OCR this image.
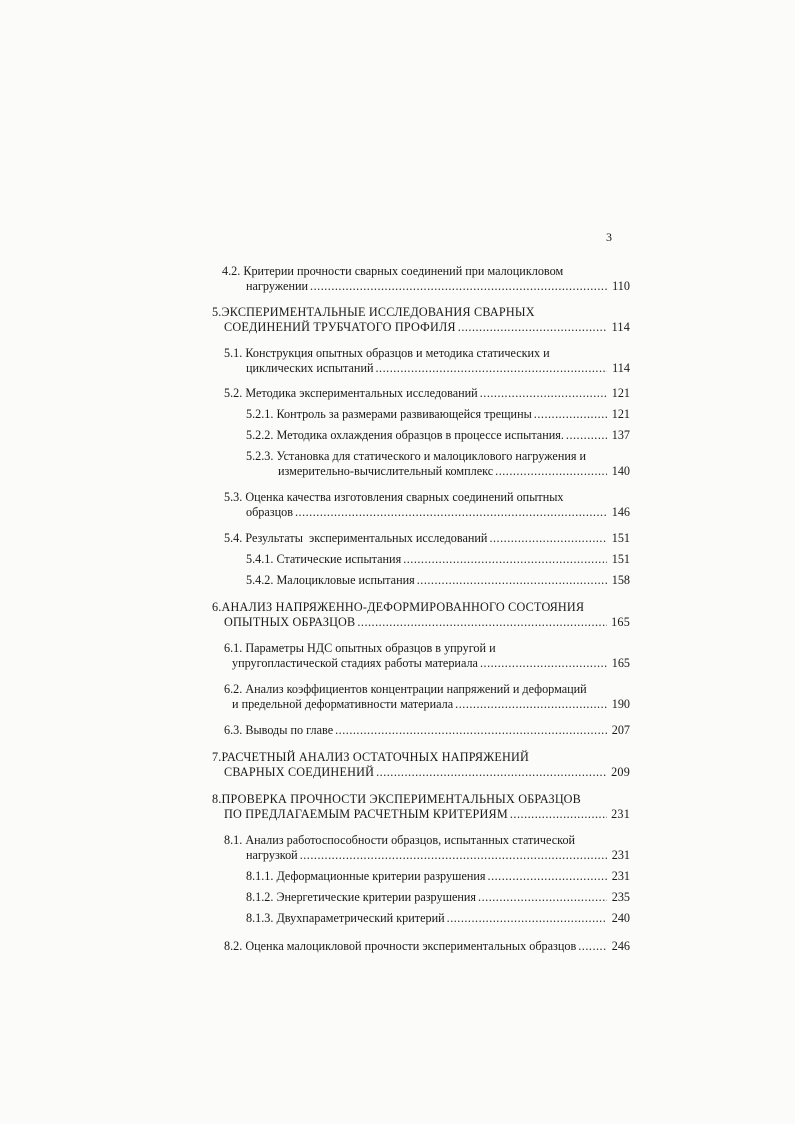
3
4.2. Критерии прочности сварных соединений при малоцикловом
нагружении .....	110
5.ЭКСПЕРИМЕНТАЛЬНЫЕ ИССЛЕДОВАНИЯ СВАРНЫХ
СОЕДИНЕНИЙ ТРУБЧАТОГО ПРОФИЛЯ .....	114
5.1. Конструкция опытных образцов и методика статических и
циклических испытаний .....	114
5.2. Методика экспериментальных исследований .....	121
5.2.1. Контроль за размерами развивающейся трещины .....	121
5.2.2. Методика охлаждения образцов в процессе испытания. .....	137
5.2.3. Установка для статического и малоциклового нагружения и
измерительно-вычислительный комплекс .....	140
5.3. Оценка качества изготовления сварных соединений опытных
образцов .....	146
5.4. Результаты  экспериментальных исследований .....	151
5.4.1. Статические испытания .....	151
5.4.2. Малоцикловые испытания .....	158
6.АНАЛИЗ НАПРЯЖЕННО-ДЕФОРМИРОВАННОГО СОСТОЯНИЯ
ОПЫТНЫХ ОБРАЗЦОВ .....	165
6.1. Параметры НДС опытных образцов в упругой и
упругопластической стадиях работы материала .....	165
6.2. Анализ коэффициентов концентрации напряжений и деформаций
и предельной деформативности материала .....	190
6.3. Выводы по главе .....	207
7.РАСЧЕТНЫЙ АНАЛИЗ ОСТАТОЧНЫХ НАПРЯЖЕНИЙ
СВАРНЫХ СОЕДИНЕНИЙ .....	209
8.ПРОВЕРКА ПРОЧНОСТИ ЭКСПЕРИМЕНТАЛЬНЫХ ОБРАЗЦОВ
ПО ПРЕДЛАГАЕМЫМ РАСЧЕТНЫМ КРИТЕРИЯМ .....	231
8.1. Анализ работоспособности образцов, испытанных статической
нагрузкой .....	231
8.1.1. Деформационные критерии разрушения .....	231
8.1.2. Энергетические критерии разрушения .....	235
8.1.3. Двухпараметрический критерий .....	240
8.2. Оценка малоцикловой прочности экспериментальных образцов .....	246
